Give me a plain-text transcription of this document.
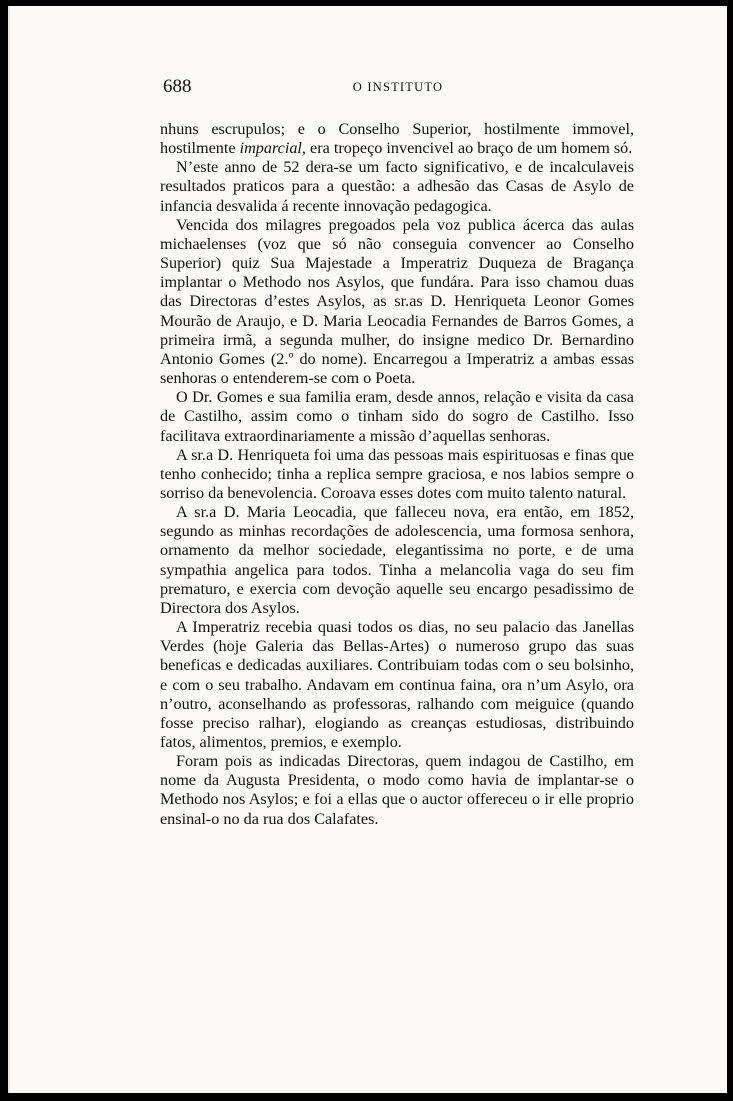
688	O INSTITUTO

nhuns escrupulos; e o Conselho Superior, hostilmente immovel, hostilmente imparcial, era tropeço invencivel ao braço de um homem só.

N’este anno de 52 dera-se um facto significativo, e de incalculaveis resultados praticos para a questão: a adhesão das Casas de Asylo de infancia desvalida á recente innovação pedagogica.

Vencida dos milagres pregoados pela voz publica ácerca das aulas michaelenses (voz que só não conseguia convencer ao Conselho Superior) quiz Sua Majestade a Imperatriz Duqueza de Bragança implantar o Methodo nos Asylos, que fundára. Para isso chamou duas das Directoras d’estes Asylos, as sr.as D. Henriqueta Leonor Gomes Mourão de Araujo, e D. Maria Leocadia Fernandes de Barros Gomes, a primeira irmã, a segunda mulher, do insigne medico Dr. Bernardino Antonio Gomes (2.º do nome). Encarregou a Imperatriz a ambas essas senhoras o entenderem-se com o Poeta.

O Dr. Gomes e sua familia eram, desde annos, relação e visita da casa de Castilho, assim como o tinham sido do sogro de Castilho. Isso facilitava extraordinariamente a missão d’aquellas senhoras.

A sr.a D. Henriqueta foi uma das pessoas mais espirituosas e finas que tenho conhecido; tinha a replica sempre graciosa, e nos labios sempre o sorriso da benevolencia. Coroava esses dotes com muito talento natural.

A sr.a D. Maria Leocadia, que falleceu nova, era então, em 1852, segundo as minhas recordações de adolescencia, uma formosa senhora, ornamento da melhor sociedade, elegantissima no porte, e de uma sympathia angelica para todos. Tinha a melancolia vaga do seu fim prematuro, e exercia com devoção aquelle seu encargo pesadissimo de Directora dos Asylos.

A Imperatriz recebia quasi todos os dias, no seu palacio das Janellas Verdes (hoje Galeria das Bellas-Artes) o numeroso grupo das suas beneficas e dedicadas auxiliares. Contribuiam todas com o seu bolsinho, e com o seu trabalho. Andavam em continua faina, ora n’um Asylo, ora n’outro, aconselhando as professoras, ralhando com meiguice (quando fosse preciso ralhar), elogiando as creanças estudiosas, distribuindo fatos, alimentos, premios, e exemplo.

Foram pois as indicadas Directoras, quem indagou de Castilho, em nome da Augusta Presidenta, o modo como havia de implantar-se o Methodo nos Asylos; e foi a ellas que o auctor offereceu o ir elle proprio ensinal-o no da rua dos Calafates.
